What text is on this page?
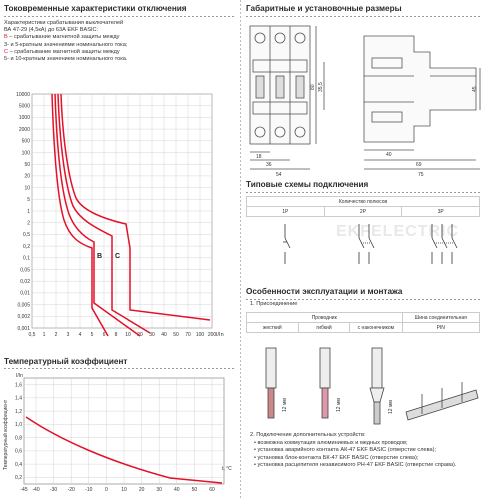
Токовременные характеристики отключения
Характеристики срабатывания выключателей
ВА 47-29 (4,5кА) до 63А EKF BASIC:
B – срабатывание магнитной защиты между
3- и 5-кратным значениями номинального тока;
C – срабатывание магнитной защиты между
5- и 10-кратным значением номинального тока.
10000
5000
1000
2000
500
100
50
20
10
5
1
2
0,5
0,2
0,1
0,05
0,02
0,01
0,005
0,002
0,001
0,5 1 2 3 4 5 6 8 10 20 30 40 50 70 100 200
B C
I/In
Температурный коэффициент
1,6
1,4
1,2
1,0
0,8
0,6
0,4
0,2
-40 -30 -20 -10	0	10 20 30 40 50 60
-45
Температурный коэффициент
I/In
t, °C
Габаритные и установочные размеры
18
36
54
80 35,5	45
40
69
75
Типовые схемы подключения
Количество полюсов
1P	2P	3P

EKFELECTRIC
Особенности эксплуатации и монтажа
1. Присоединение
Проводник			Шина соединительная
жесткий	гибкий	с наконечником	PIN

12 мм	12 мм	12 мм
2. Подключение дополнительных устройств:
• возможна коммутация алюминиевых и медных проводов;
• установка аварийного контакта АК-47 EKF BASIC (отверстие слева);
• установка блок-контакта БК-47 EKF BASIC (отверстие слева);
• установка расцепителя независимого РН-47 EKF BASIC (отверстие справа).
